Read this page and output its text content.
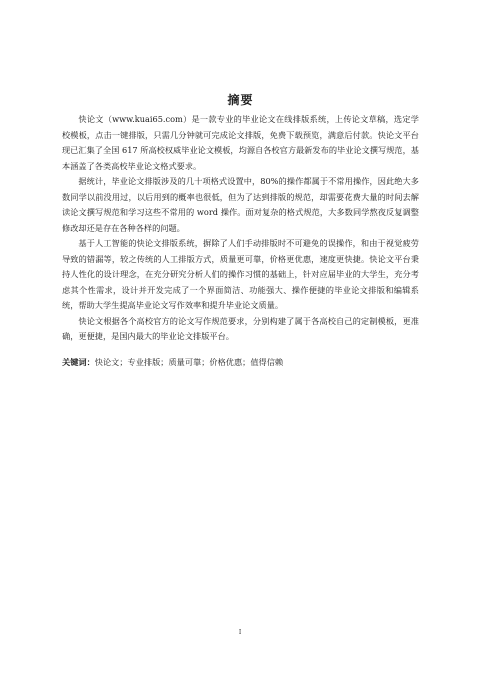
摘要

快论文（www.kuai65.com）是一款专业的毕业论文在线排版系统，上传论文草稿，选定学校模板，点击一键排版，只需几分钟就可完成论文排版，免费下载预览，满意后付款。快论文平台现已汇集了全国 617 所高校权威毕业论文模板，均源自各校官方最新发布的毕业论文撰写规范，基本涵盖了各类高校毕业论文格式要求。

据统计，毕业论文排版涉及的几十项格式设置中，80%的操作都属于不常用操作，因此绝大多数同学以前没用过，以后用到的概率也很低，但为了达到排版的规范，却需要花费大量的时间去解读论文撰写规范和学习这些不常用的 word 操作。面对复杂的格式规范，大多数同学熬夜反复调整修改却还是存在各种各样的问题。

基于人工智能的快论文排版系统，摒除了人们手动排版时不可避免的误操作，和由于视觉疲劳导致的错漏等，较之传统的人工排版方式，质量更可靠，价格更优惠，速度更快捷。快论文平台秉持人性化的设计理念，在充分研究分析人们的操作习惯的基础上，针对应届毕业的大学生，充分考虑其个性需求，设计并开发完成了一个界面简洁、功能强大、操作便捷的毕业论文排版和编辑系统，帮助大学生提高毕业论文写作效率和提升毕业论文质量。

快论文根据各个高校官方的论文写作规范要求，分别构建了属于各高校自己的定制模板，更准确，更便捷，是国内最大的毕业论文排版平台。

关键词：快论文；专业排版；质量可靠；价格优惠；值得信赖
I
